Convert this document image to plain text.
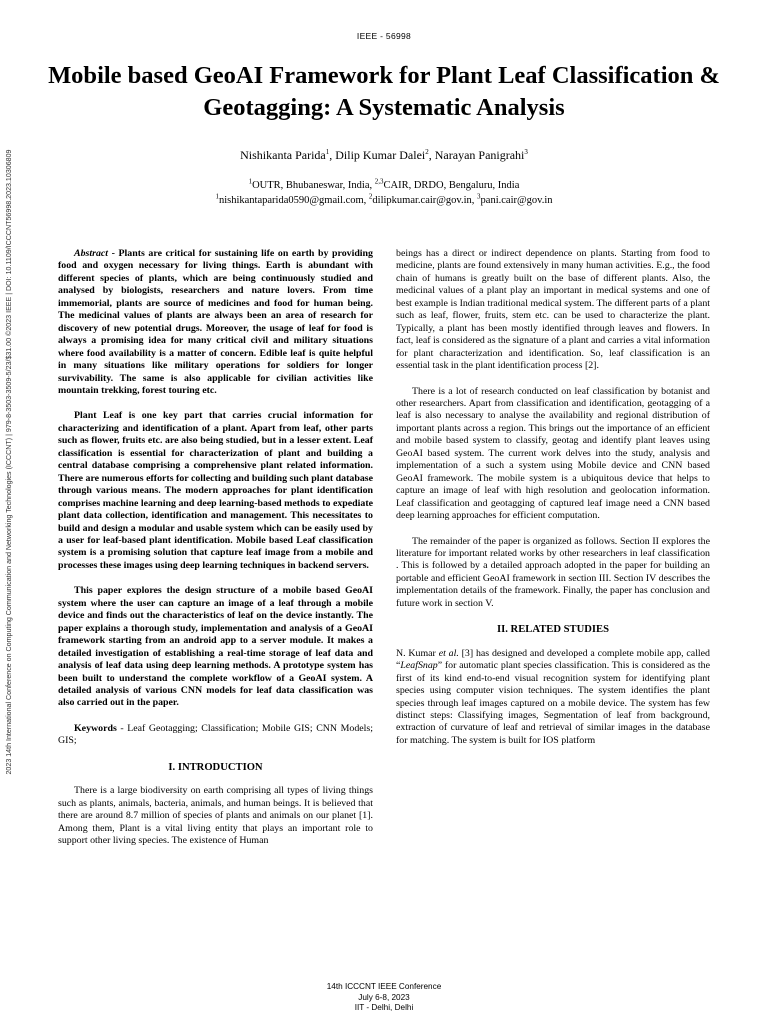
IEEE - 56998
2023 14th International Conference on Computing Communication and Networking Technologies (ICCCNT) | 979-8-3503-3509-5/23/$31.00 ©2023 IEEE | DOI: 10.1109/ICCCNT56998.2023.10306809
Mobile based GeoAI Framework for Plant Leaf Classification & Geotagging: A Systematic Analysis
Nishikanta Parida$^1$, Dilip Kumar Dalei$^2$, Narayan Panigrahi$^3$
$^1$OUTR, Bhubaneswar, India, $^{2,3}$CAIR, DRDO, Bengaluru, India
$^1$nishikantaparida0590@gmail.com, $^2$dilipkumar.cair@gov.in, $^3$pani.cair@gov.in

Abstract - Plants are critical for sustaining life on earth by providing food and oxygen necessary for living things. Earth is abundant with different species of plants, which are being continuously studied and analysed by biologists, researchers and nature lovers. From time immemorial, plants are source of medicines and food for human being. The medicinal values of plants are always been an area of research for discovery of new potential drugs. Moreover, the usage of leaf for food is always a promising idea for many critical civil and military situations where food availability is a matter of concern. Edible leaf is quite helpful in many situations like military operations for soldiers for longer survivability. The same is also applicable for civilian activities like mountain trekking, forest touring etc.

Plant Leaf is one key part that carries crucial information for characterizing and identification of a plant. Apart from leaf, other parts such as flower, fruits etc. are also being studied, but in a lesser extent. Leaf classification is essential for characterization of plant and building a central database comprising a comprehensive plant related information. There are numerous efforts for collecting and building such plant database through various means. The modern approaches for plant identification comprises machine learning and deep learning-based methods to expediate plant data collection, identification and management. This necessitates to build and design a modular and usable system which can be easily used by a user for leaf-based plant identification. Mobile based Leaf classification system is a promising solution that capture leaf image from a mobile and processes these images using deep learning techniques in backend servers.

This paper explores the design structure of a mobile based GeoAI system where the user can capture an image of a leaf through a mobile device and finds out the characteristics of leaf on the device instantly. The paper explains a thorough study, implementation and analysis of a GeoAI framework starting from an android app to a server module. It makes a detailed investigation of establishing a real-time storage of leaf data and analysis of leaf data using deep learning methods. A prototype system has been built to understand the complete workflow of a GeoAI system. A detailed analysis of various CNN models for leaf data classification was also carried out in the paper.

Keywords - Leaf Geotagging; Classification; Mobile GIS; CNN Models; GIS;

I. INTRODUCTION

There is a large biodiversity on earth comprising all types of living things such as plants, animals, bacteria, animals, and human beings. It is believed that there are around 8.7 million of species of plants and animals on our planet [1]. Among them, Plant is a vital living entity that plays an important role to support other living species. The existence of Human

beings has a direct or indirect dependence on plants. Starting from food to medicine, plants are found extensively in many human activities. E.g., the food chain of humans is greatly built on the base of different plants. Also, the medicinal values of a plant play an important in medical systems and one of best example is Indian traditional medical system. The different parts of a plant such as leaf, flower, fruits, stem etc. can be used to characterize the plant. Typically, a plant has been mostly identified through leaves and flowers. In fact, leaf is considered as the signature of a plant and carries a vital information for plant characterization and identification. So, leaf classification is an essential task in the plant identification process [2].

There is a lot of research conducted on leaf classification by botanist and other researchers. Apart from classification and identification, geotagging of a leaf is also necessary to analyse the availability and regional distribution of important plants across a region. This brings out the importance of an efficient and mobile based system to classify, geotag and identify plant leaves using GeoAI based system. The current work delves into the study, analysis and implementation of a such a system using Mobile device and CNN based GeoAI framework. The mobile system is a ubiquitous device that helps to capture an image of leaf with high resolution and geolocation information. Leaf classification and geotagging of captured leaf image need a CNN based deep learning approaches for efficient computation.

The remainder of the paper is organized as follows. Section II explores the literature for important related works by other researchers in leaf classification . This is followed by a detailed approach adopted in the paper for building an portable and efficient GeoAI framework in section III. Section IV describes the implementation details of the framework. Finally, the paper has conclusion and future work in section V.

II. RELATED STUDIES

N. Kumar et al. [3] has designed and developed a complete mobile app, called “LeafSnap” for automatic plant species classification. This is considered as the first of its kind end-to-end visual recognition system for identifying plant species using computer vision techniques. The system identifies the plant species through leaf images captured on a mobile device. The system has few distinct steps: Classifying images, Segmentation of leaf from background, extraction of curvature of leaf and retrieval of similar images in the database for matching. The system is built for IOS platform

14th ICCCNT IEEE Conference
July 6-8, 2023
IIT - Delhi, Delhi
